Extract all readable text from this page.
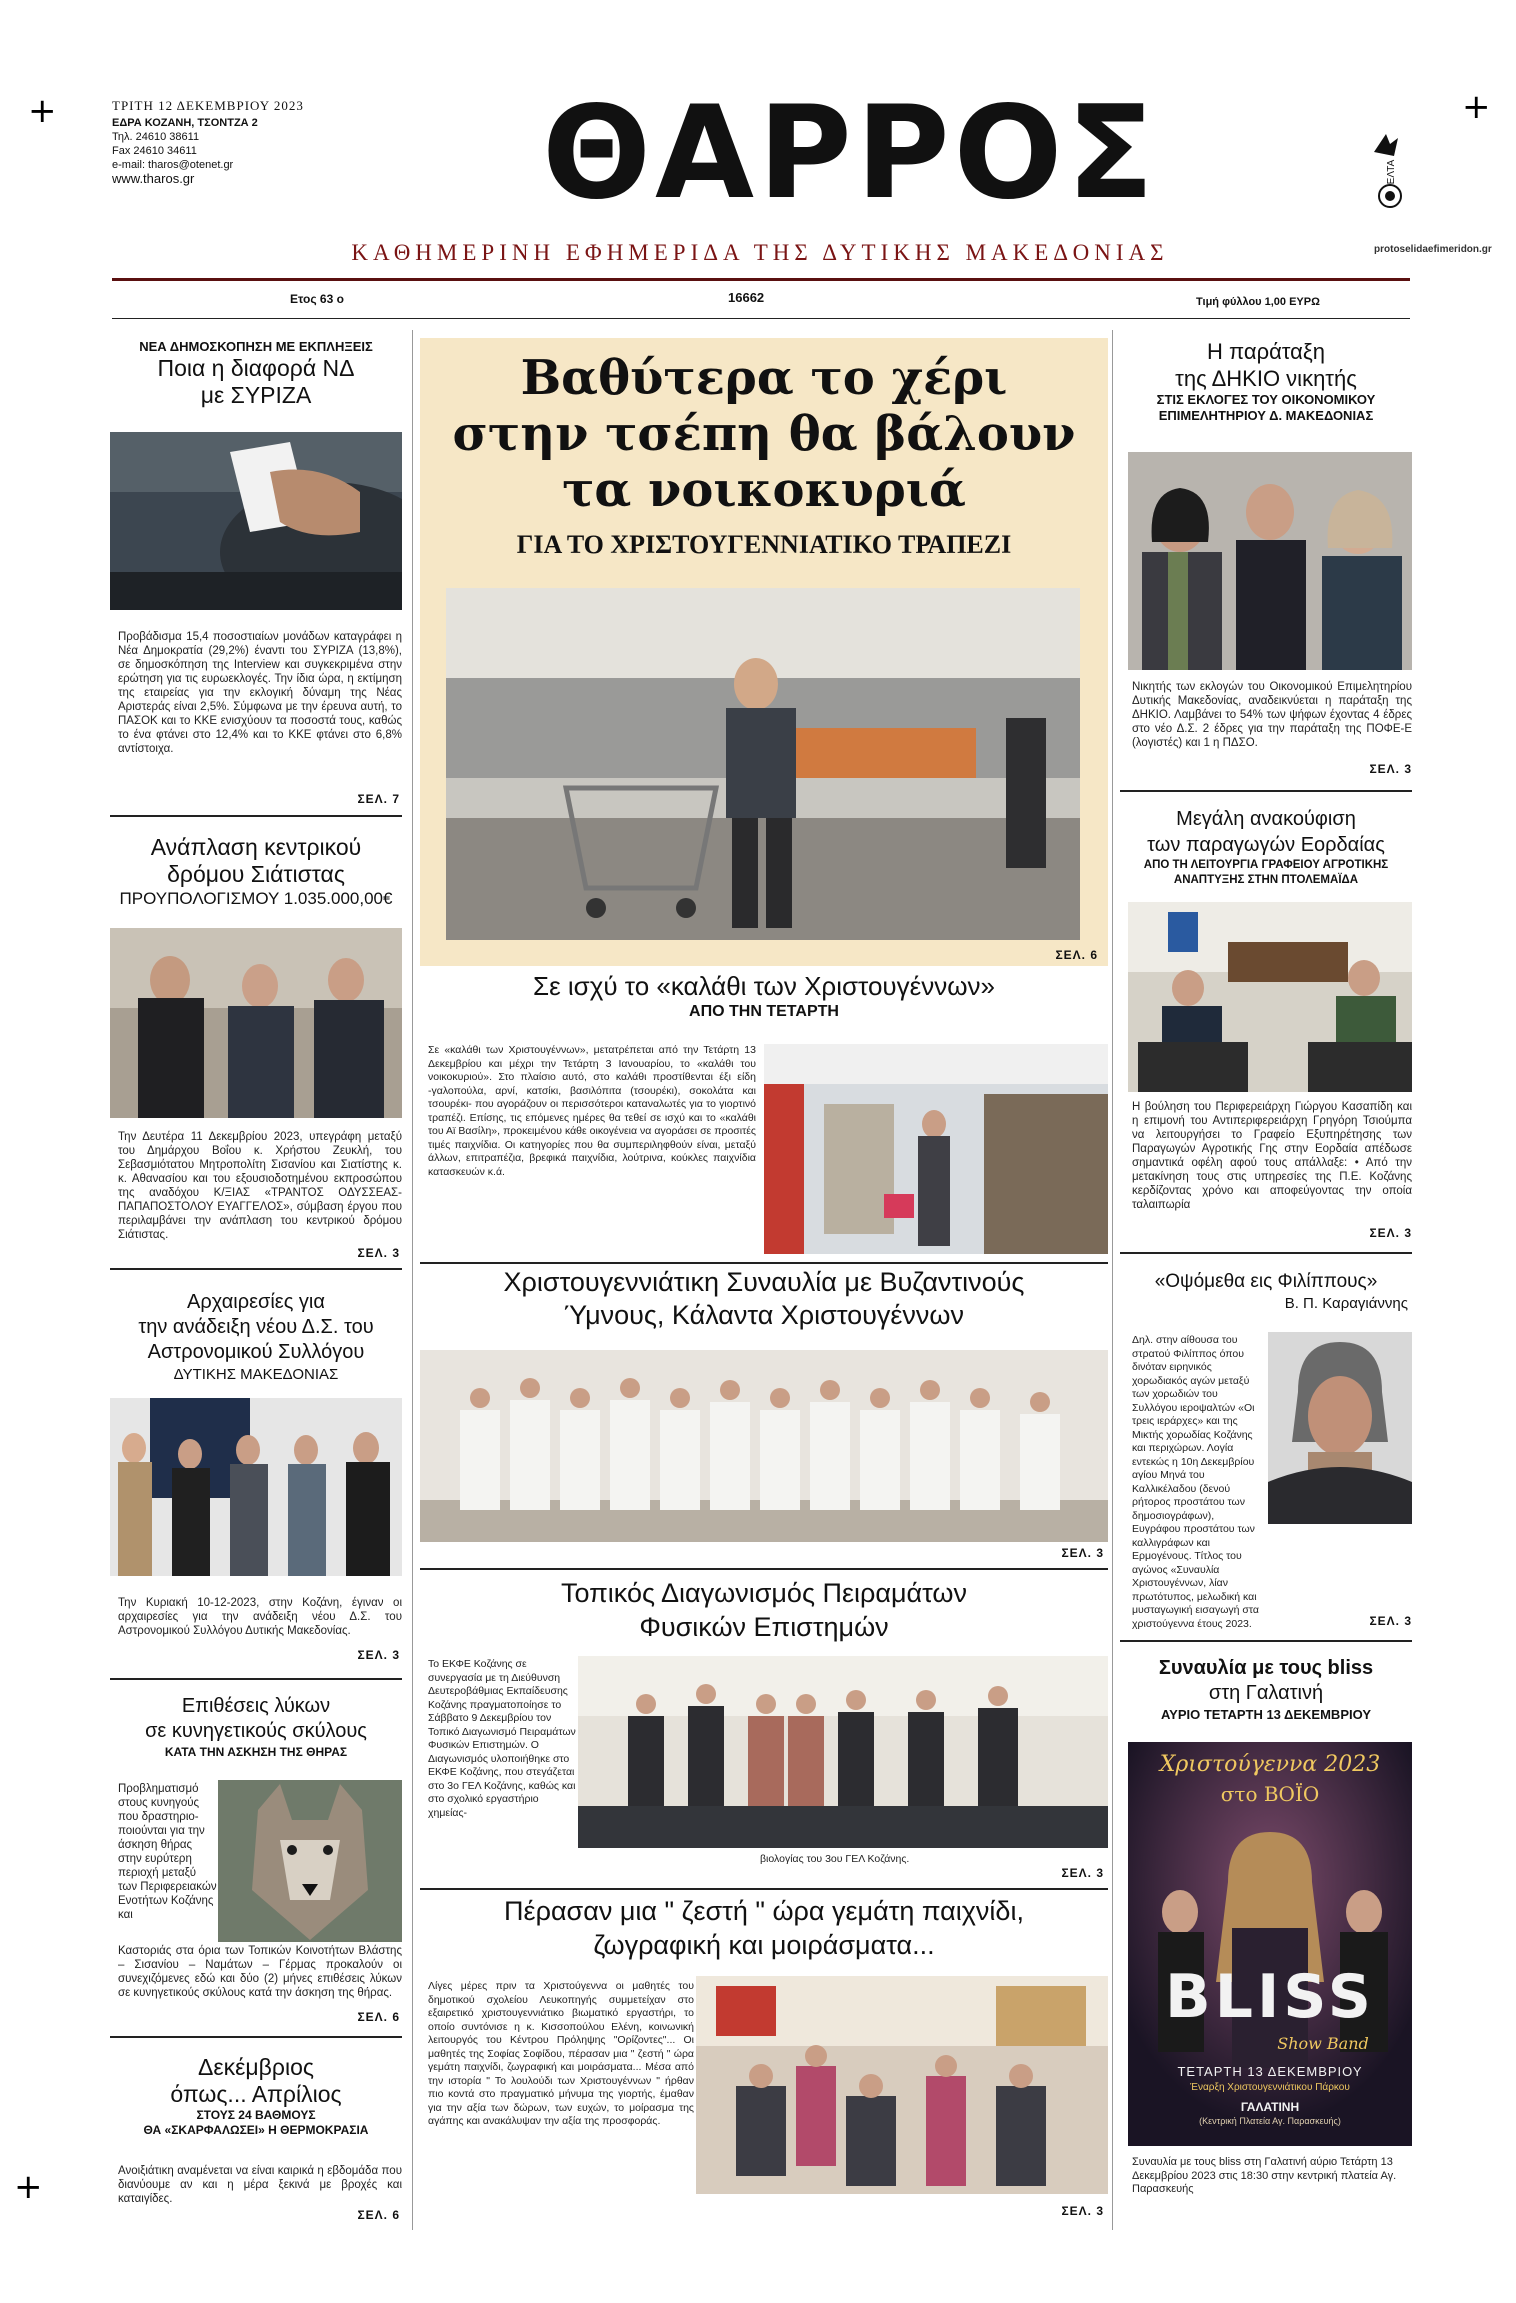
+	+
+
ΤΡΙΤΗ 12 ΔΕΚΕΜΒΡΙΟΥ 2023
ΕΔΡΑ ΚΟΖΑΝΗ, ΤΣΟΝΤΖΑ 2
Τηλ. 24610 38611
Fax 24610 34611
e-mail: tharos@otenet.gr
www.tharos.gr	ΘΑΡΡΟΣ	ΕΛΤΑ
protoselidaefimeridon.gr
ΚΑΘΗΜΕΡΙΝΗ ΕΦΗΜΕΡΙΔΑ ΤΗΣ ΔΥΤΙΚΗΣ ΜΑΚΕΔΟΝΙΑΣ
Ετος 63 ο	16662	Τιμή φύλλου 1,00 ΕΥΡΩ
ΝΕΑ ΔΗΜΟΣΚΟΠΗΣΗ ΜΕ ΕΚΠΛΗΞΕΙΣ
Ποια η διαφορά ΝΔ
με ΣΥΡΙΖΑ
Προβάδισμα 15,4 ποσοστιαίων μονάδων καταγράφει η Νέα Δημοκρατία (29,2%) έναντι του ΣΥΡΙΖΑ (13,8%), σε δημοσκόπηση της Interview και συγκεκριμένα στην ερώτηση για τις ευρωεκλογές. Την ίδια ώρα, η εκτίμηση της εταιρείας για την εκλογική δύναμη της Νέας Αριστεράς είναι 2,5%. Σύμφωνα με την έρευνα αυτή, το ΠΑΣΟΚ και το ΚΚΕ ενισχύουν τα ποσοστά τους, καθώς το ένα φτάνει στο 12,4% και το ΚΚΕ φτάνει στο 6,8% αντίστοιχα.
ΣΕΛ. 7
Ανάπλαση κεντρικού
δρόμου Σιάτιστας
ΠΡΟΥΠΟΛΟΓΙΣΜΟΥ 1.035.000,00€
Την Δευτέρα 11 Δεκεμβρίου 2023, υπεγράφη μεταξύ του Δημάρχου Βοΐου κ. Χρήστου Ζευκλή, του Σεβασμιότατου Μητροπολίτη Σισανίου και Σιατίστης κ. κ. Αθανασίου και του εξουσιοδοτημένου εκπροσώπου της αναδόχου Κ/ΞΙΑΣ «ΤΡΑΝΤΟΣ ΟΔΥΣΣΕΑΣ- ΠΑΠΑΠΟΣΤΟΛΟΥ ΕΥΑΓΓΕΛΟΣ», σύμβαση έργου που περιλαμβάνει την ανάπλαση του κεντρικού δρόμου Σιάτιστας.
ΣΕΛ. 3
Αρχαιρεσίες για
την ανάδειξη νέου Δ.Σ. του
Αστρονομικού Συλλόγου
ΔΥΤΙΚΗΣ ΜΑΚΕΔΟΝΙΑΣ
Την Κυριακή 10-12-2023, στην Κοζάνη, έγιναν οι αρχαιρεσίες για την ανάδειξη νέου Δ.Σ. του Αστρονομικού Συλλόγου Δυτικής Μακεδονίας.
ΣΕΛ. 3
Επιθέσεις λύκων
σε κυνηγετικούς σκύλους
ΚΑΤΑ ΤΗΝ ΑΣΚΗΣΗ ΤΗΣ ΘΗΡΑΣ
Προβληματισμό στους κυνηγούς που δραστηριοποιούνται για την άσκηση θήρας στην ευρύτερη περιοχή μεταξύ των Περιφερειακών Ενοτήτων Κοζάνης και
Καστοριάς στα όρια των Τοπικών Κοινοτήτων Βλάστης – Σισανίου – Ναμάτων – Γέρμας προκαλούν οι συνεχιζόμενες εδώ και δύο (2) μήνες επιθέσεις λύκων σε κυνηγετικούς σκύλους κατά την άσκηση της θήρας.
ΣΕΛ. 6
Δεκέμβριος
όπως... Απρίλιος
ΣΤΟΥΣ 24 ΒΑΘΜΟΥΣ
ΘΑ «ΣΚΑΡΦΑΛΩΣΕΙ» Η ΘΕΡΜΟΚΡΑΣΙΑ
Ανοιξιάτικη αναμένεται να είναι καιρικά η εβδομάδα που διανύουμε αν και η μέρα ξεκινά με βροχές και καταιγίδες.
ΣΕΛ. 6
Βαθύτερα το χέρι
στην τσέπη θα βάλουν
τα νοικοκυριά
ΓΙΑ ΤΟ ΧΡΙΣΤΟΥΓΕΝΝΙΑΤΙΚΟ ΤΡΑΠΕΖΙ
ΣΕΛ. 6
Σε ισχύ το «καλάθι των Χριστουγέννων»
ΑΠΟ ΤΗΝ ΤΕΤΑΡΤΗ
Σε «καλάθι των Χριστουγέννων», μετατρέπεται από την Τετάρτη 13 Δεκεμβρίου και μέχρι την Τετάρτη 3 Ιανουαρίου, το «καλάθι του νοικοκυριού». Στο πλαίσιο αυτό, στο καλάθι προστίθενται έξι είδη -γαλοπούλα, αρνί, κατσίκι, βασιλόπιτα (τσουρέκι), σοκολάτα και τσουρέκι- που αγοράζουν οι περισσότεροι καταναλωτές για το γιορτινό τραπέζι. Επίσης, τις επόμενες ημέρες θα τεθεί σε ισχύ και το «καλάθι του Αϊ Βασίλη», προκειμένου κάθε οικογένεια να αγοράσει σε προσιτές τιμές παιχνίδια. Οι κατηγορίες που θα συμπεριληφθούν είναι, μεταξύ άλλων, επιτραπέζια, βρεφικά παιχνίδια, λούτρινα, κούκλες παιχνίδια κατασκευών κ.ά.
Χριστουγεννιάτικη Συναυλία με Βυζαντινούς
Ύμνους, Κάλαντα Χριστουγέννων
ΣΕΛ. 3
Τοπικός Διαγωνισμός Πειραμάτων
Φυσικών Επιστημών
Το ΕΚΦΕ Κοζάνης σε συνεργασία με τη Διεύθυνση Δευτεροβάθμιας Εκπαίδευσης Κοζάνης πραγματοποίησε το Σάββατο 9 Δεκεμβρίου τον Τοπικό Διαγωνισμό Πειραμάτων Φυσικών Επιστημών. Ο Διαγωνισμός υλοποιήθηκε στο ΕΚΦΕ Κοζάνης, που στεγάζεται στο 3ο ΓΕΛ Κοζάνης, καθώς και στο σχολικό εργαστήριο χημείας-
βιολογίας του 3ου ΓΕΛ Κοζάνης.
ΣΕΛ. 3
Πέρασαν μια " ζεστή " ώρα γεμάτη παιχνίδι,
ζωγραφική και μοιράσματα...
Λίγες μέρες πριν τα Χριστούγεννα οι μαθητές του δημοτικού σχολείου Λευκοπηγής συμμετείχαν στο εξαιρετικό χριστουγεννιάτικο βιωματικό εργαστήρι, το οποίο συντόνισε η κ. Κισσοπούλου Ελένη, κοινωνική λειτουργός του Κέντρου Πρόληψης "Ορίζοντες"... Οι μαθητές της Σοφίας Σοφίδου, πέρασαν μια " ζεστή " ώρα γεμάτη παιχνίδι, ζωγραφική και μοιράσματα... Μέσα από την ιστορία " Το λουλούδι των Χριστουγέννων " ήρθαν πιο κοντά στο πραγματικό μήνυμα της γιορτής, έμαθαν για την αξία των δώρων, των ευχών, το μοίρασμα της αγάπης και ανακάλυψαν την αξία της προσφοράς.
ΣΕΛ. 3
Η παράταξη
της ΔΗΚΙΟ νικητής
ΣΤΙΣ ΕΚΛΟΓΕΣ ΤΟΥ ΟΙΚΟΝΟΜΙΚΟΥ
ΕΠΙΜΕΛΗΤΗΡΙΟΥ Δ. ΜΑΚΕΔΟΝΙΑΣ
Νικητής των εκλογών του Οικονομικού Επιμελητηρίου Δυτικής Μακεδονίας, αναδεικνύεται η παράταξη της ΔΗΚΙΟ. Λαμβάνει το 54% των ψήφων έχοντας 4 έδρες στο νέο Δ.Σ. 2 έδρες για την παράταξη της ΠΟΦΕ-Ε (λογιστές) και 1 η ΠΔΣΟ.
ΣΕΛ. 3
Μεγάλη ανακούφιση
των παραγωγών Εορδαίας
ΑΠΟ ΤΗ ΛΕΙΤΟΥΡΓΙΑ ΓΡΑΦΕΙΟΥ ΑΓΡΟΤΙΚΗΣ
ΑΝΑΠΤΥΞΗΣ ΣΤΗΝ ΠΤΟΛΕΜΑΪΔΑ
Η βούληση του Περιφερειάρχη Γιώργου Κασαπίδη και η επιμονή του Αντιπεριφερειάρχη Γρηγόρη Τσιούμπα να λειτουργήσει το Γραφείο Εξυπηρέτησης των Παραγωγών Αγροτικής Γης στην Εορδαία απέδωσε σημαντικά οφέλη αφού τους απάλλαξε: • Από την μετακίνηση τους στις υπηρεσίες της Π.Ε. Κοζάνης κερδίζοντας χρόνο και αποφεύγοντας την οποία ταλαιπωρία
ΣΕΛ. 3
«Οψόμεθα εις Φιλίππους»
Β. Π. Καραγιάννης
Δηλ. στην αίθουσα του στρατού Φιλίππος όπου δινόταν ειρηνικός χορωδιακός αγών μεταξύ των χορωδιών του Συλλόγου ιεροψαλτών «Οι τρεις ιεράρχες» και της Μικτής χορωδίας Κοζάνης και περιχώρων. Λογία εντεκώς η 10η Δεκεμβρίου αγίου Μηνά του Καλλικέλαδου (δενού ρήτορος προστάτου των δημοσιογράφων), Ευγράφου προστάτου των καλλιγράφων και Ερμογένους. Τίτλος του αγώνος «Συναυλία Χριστουγέννων, λίαν πρωτότυπος, μελωδική και μυσταγωγική εισαγωγή στα χριστούγεννα έτους 2023.	ΣΕΛ. 3
Συναυλία με τους bliss
στη Γαλατινή
ΑΥΡΙΟ ΤΕΤΑΡΤΗ 13 ΔΕΚΕΜΒΡΙΟΥ
Χριστούγεννα 2023
στο ΒΟΪΟ
BLISS
Show Band
ΤΕΤΑΡΤΗ 13 ΔΕΚΕΜΒΡΙΟΥ
Έναρξη Χριστουγεννιάτικου Πάρκου
ΓΑΛΑΤΙΝΗ
(Κεντρική Πλατεία Αγ. Παρασκευής)
Συναυλία με τους bliss στη Γαλατινή αύριο Τετάρτη 13 Δεκεμβρίου 2023 στις 18:30 στην κεντρική πλατεία Αγ. Παρασκευής
